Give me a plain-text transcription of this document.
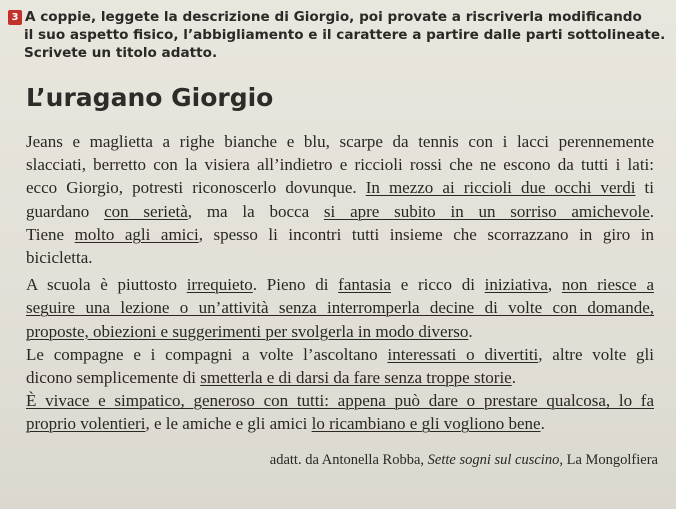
3 A coppie, leggete la descrizione di Giorgio, poi provate a riscriverla modificando
il suo aspetto fisico, l’abbigliamento e il carattere a partire dalle parti sottolineate.
Scrivete un titolo adatto.
L’uragano Giorgio
Jeans e maglietta a righe bianche e blu, scarpe da tennis con i lacci perennemente
slacciati, berretto con la visiera all’indietro e riccioli rossi che ne escono da tutti i lati:
ecco Giorgio, potresti riconoscerlo dovunque. In mezzo ai riccioli due occhi verdi ti
guardano con serietà, ma la bocca si apre subito in un sorriso amichevole.
Tiene molto agli amici, spesso li incontri tutti insieme che scorrazzano in giro in
bicicletta.
A scuola è piuttosto irrequieto. Pieno di fantasia e ricco di iniziativa, non riesce a
seguire una lezione o un’attività senza interromperla decine di volte con domande,
proposte, obiezioni e suggerimenti per svolgerla in modo diverso.
Le compagne e i compagni a volte l’ascoltano interessati o divertiti, altre volte gli
dicono semplicemente di smetterla e di darsi da fare senza troppe storie.
È vivace e simpatico, generoso con tutti: appena può dare o prestare qualcosa, lo fa
proprio volentieri, e le amiche e gli amici lo ricambiano e gli vogliono bene.
adatt. da Antonella Robba, Sette sogni sul cuscino, La Mongolfiera
